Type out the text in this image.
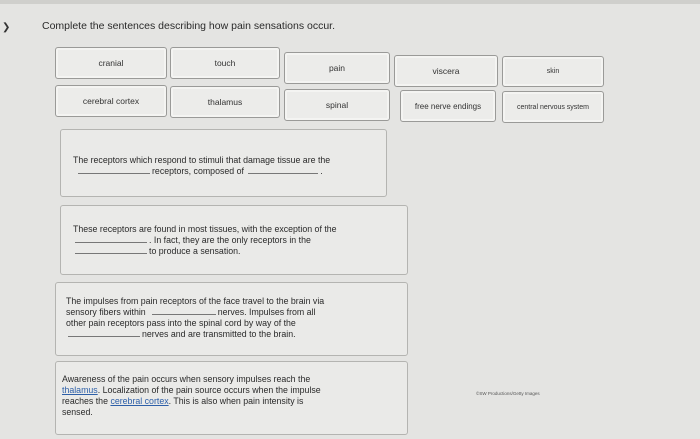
❯	Complete the sentences describing how pain sensations occur.
cranial	touch	pain	viscera	skin
cerebral cortex	thalamus	spinal	free nerve endings	central nervous system
The receptors which respond to stimuli that damage tissue are the
receptors, composed of	.
These receptors are found in most tissues, with the exception of the
. In fact, they are the only receptors in the
to produce a sensation.
The impulses from pain receptors of the face travel to the brain via
sensory fibers within	nerves. Impulses from all
other pain receptors pass into the spinal cord by way of the
nerves and are transmitted to the brain.
Awareness of the pain occurs when sensory impulses reach the
thalamus. Localization of the pain source occurs when the impulse
reaches the cerebral cortex. This is also when pain intensity is
sensed.
©SW Productions/Getty Images
